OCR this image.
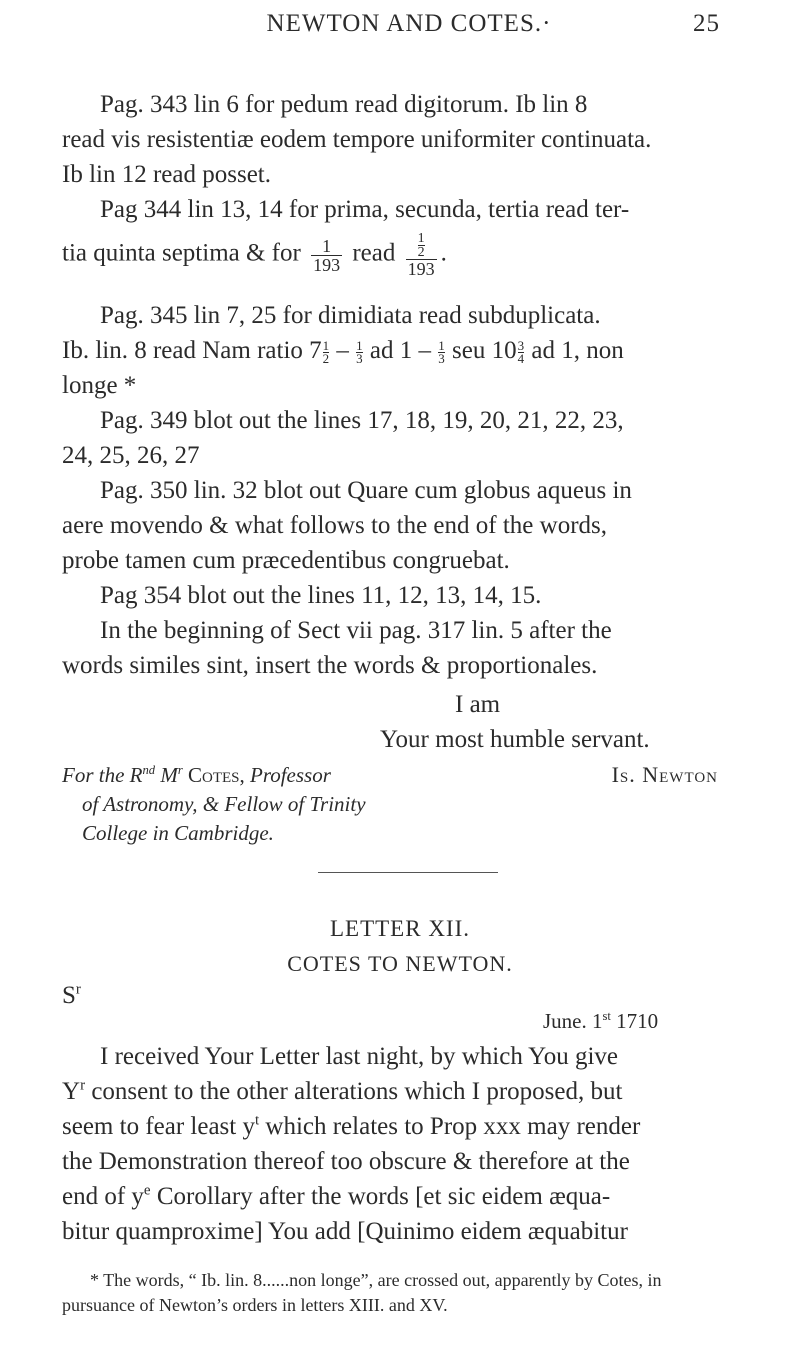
NEWTON AND COTES.·	25
Pag. 343 lin 6 for pedum read digitorum. Ib lin 8
read vis resistentiæ eodem tempore uniformiter continuata.
Ib lin 12 read posset.
Pag 344 lin 13, 14 for prima, secunda, tertia read ter-
tia quinta septima & for $\frac{1}{193}$ read $\frac{\frac{1}{2}}{193}$ .
Pag. 345 lin 7, 25 for dimidiata read subduplicata.
Ib. lin. 8 read Nam ratio $7 \frac{1}{2} - \frac{1}{3}$ ad $1 - \frac{1}{3}$ seu $10 \frac{3}{4}$ ad 1, non
longe *
Pag. 349 blot out the lines 17, 18, 19, 20, 21, 22, 23,
24, 25, 26, 27
Pag. 350 lin. 32 blot out Quare cum globus aqueus in
aere movendo & what follows to the end of the words,
probe tamen cum præcedentibus congruebat.
Pag 354 blot out the lines 11, 12, 13, 14, 15.
In the beginning of Sect vii pag. 317 lin. 5 after the
words similes sint, insert the words & proportionales.
I am
Your most humble servant.
For the $R^{nd}$ $M^r$ Cotes, Professor
of Astronomy, & Fellow of Trinity
College in Cambridge.
Is. Newton
LETTER XII.
COTES TO NEWTON.
$S^r$
June. 1st 1710
I received Your Letter last night, by which You give
$Y^r$ consent to the other alterations which I proposed, but
seem to fear least $y^t$ which relates to Prop xxx may render
the Demonstration thereof too obscure & therefore at the
end of $y^e$ Corollary after the words [et sic eidem æqua-
bitur quamproxime] You add [Quinimo eidem æquabitur
* The words, “ Ib. lin. 8......non longe”, are crossed out, apparently by Cotes, in
pursuance of Newton’s orders in letters XIII. and XV.
